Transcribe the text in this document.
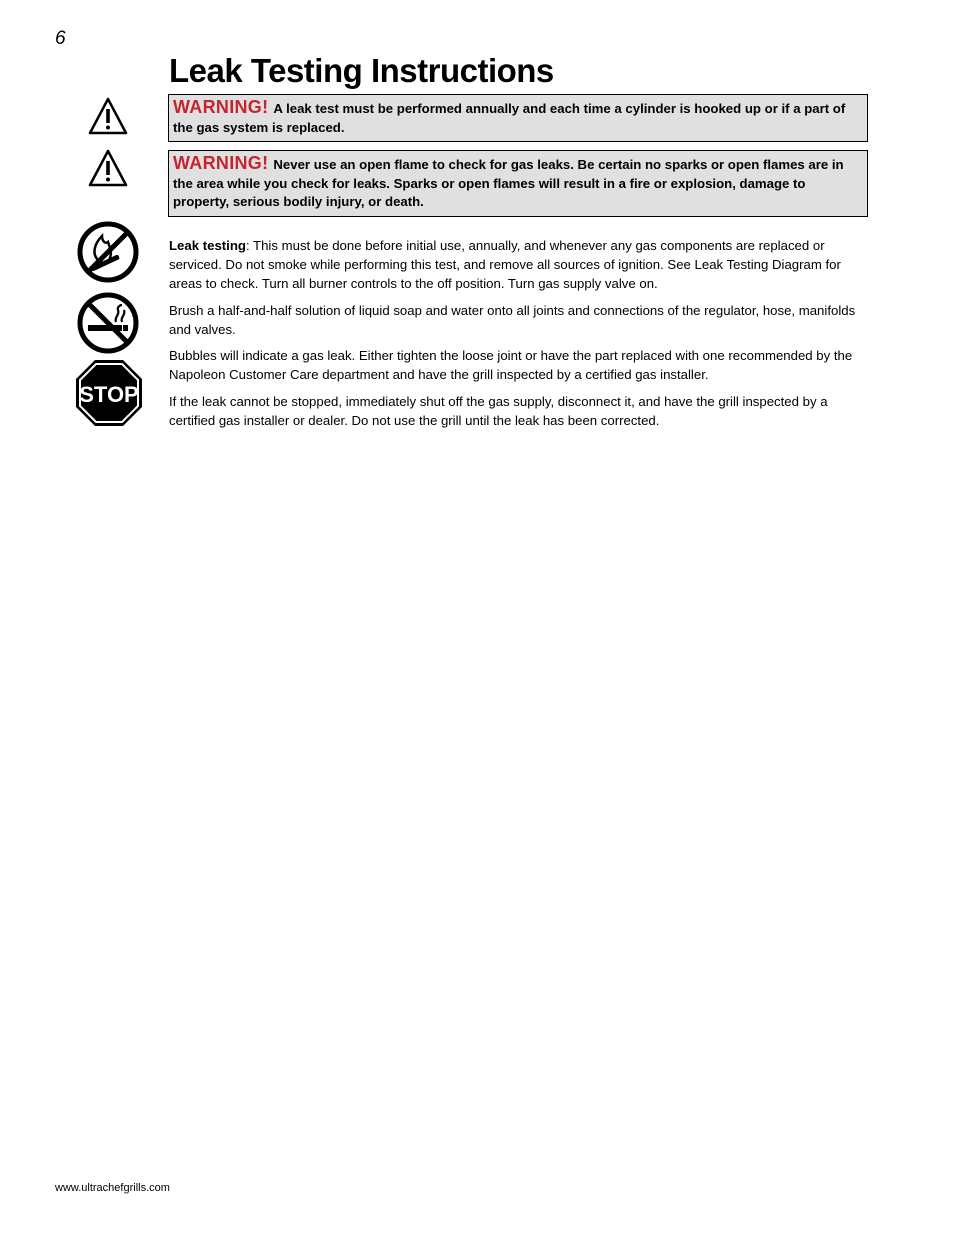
6
Leak Testing Instructions
WARNING! A leak test must be performed annually and each time a cylinder is hooked up or if a part of the gas system is replaced.
WARNING! Never use an open flame to check for gas leaks. Be certain no sparks or open flames are in the area while you check for leaks. Sparks or open flames will result in a fire or explosion, damage to property, serious bodily injury, or death.
STOP

Leak testing: This must be done before initial use, annually, and whenever any gas components are replaced or serviced. Do not smoke while performing this test, and remove all sources of ignition. See Leak Testing Diagram for areas to check. Turn all burner controls to the off position. Turn gas supply valve on.

Brush a half-and-half solution of liquid soap and water onto all joints and connections of the regulator, hose, manifolds and valves.

Bubbles will indicate a gas leak. Either tighten the loose joint or have the part replaced with one recommended by the Napoleon Customer Care department and have the grill inspected by a certified gas installer.

If the leak cannot be stopped, immediately shut off the gas supply, disconnect it, and have the grill inspected by a certified gas installer or dealer. Do not use the grill until the leak has been corrected.

www.ultrachefgrills.com
